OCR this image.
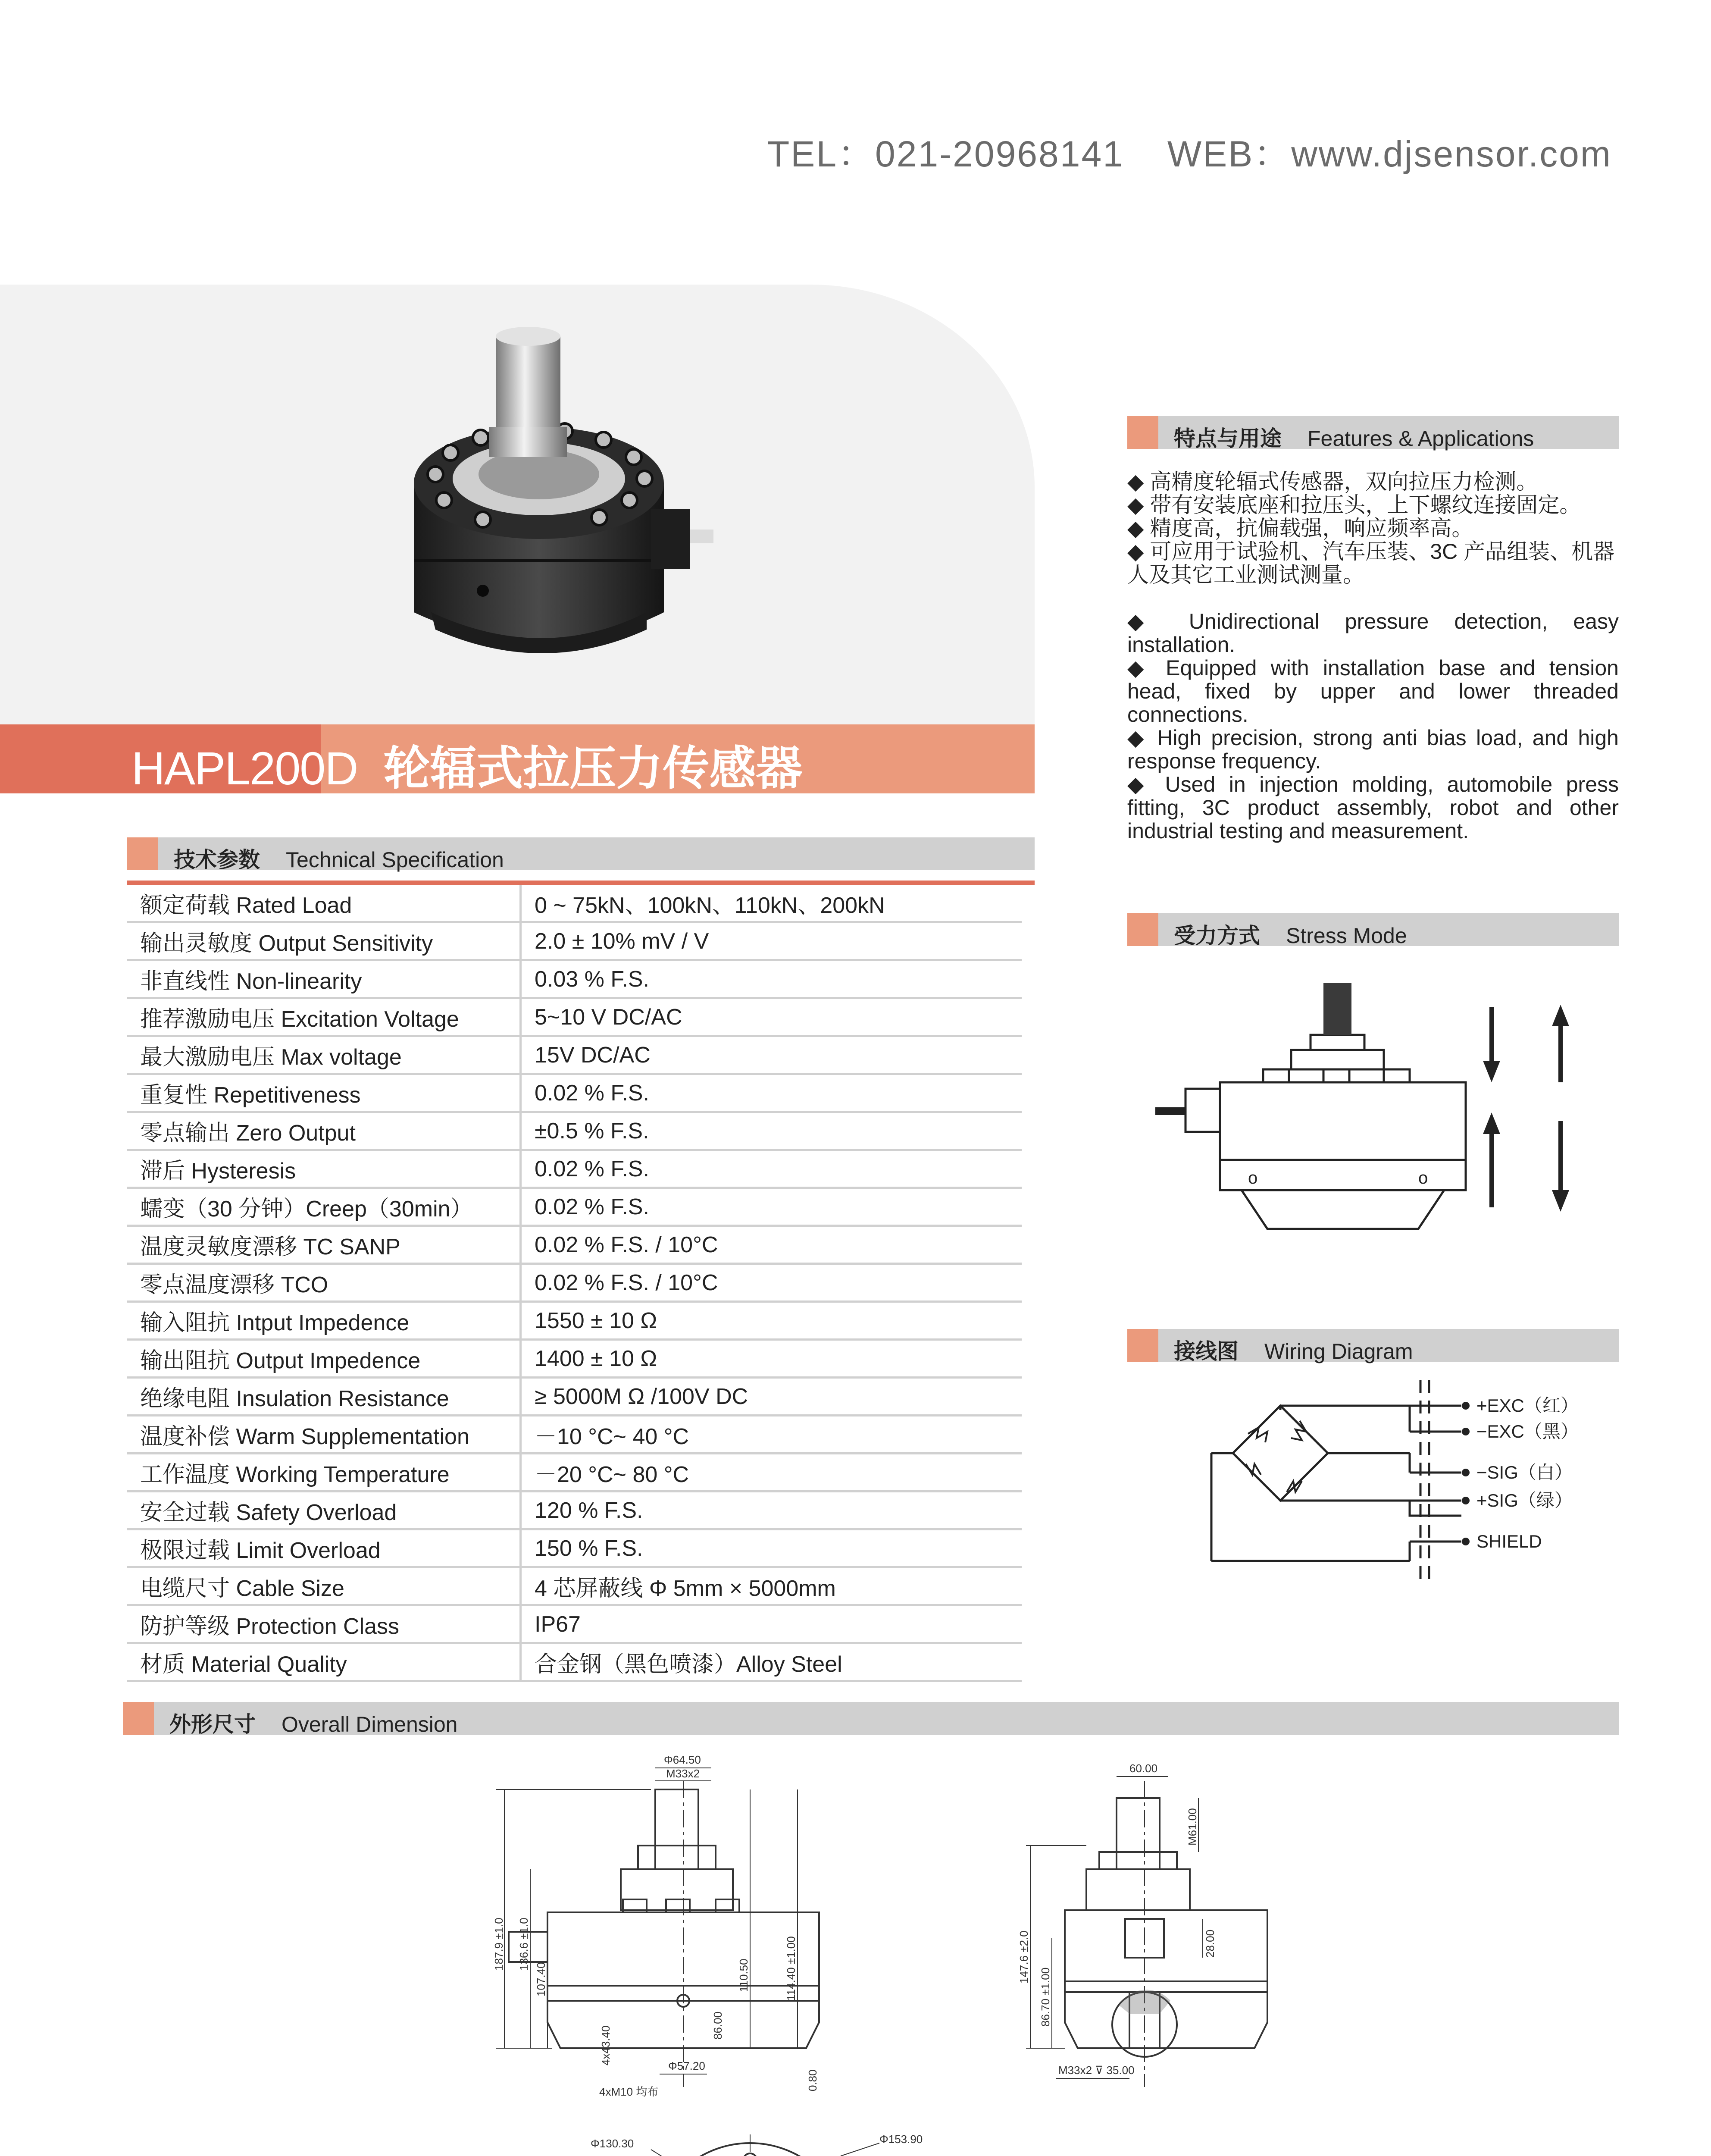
TEL：021-20968141 WEB：www.djsensor.com
HAPL200D 轮辐式拉压力传感器
特点与用途 Features & Applications

◆ 高精度轮辐式传感器，双向拉压力检测。

◆ 带有安装底座和拉压头，上下螺纹连接固定。

◆ 精度高，抗偏载强，响应频率高。

◆ 可应用于试验机、汽车压装、3C 产品组装、机器人及其它工业测试测量。

◆ Unidirectional pressure detection, easy installation.

◆ Equipped with installation base and tension head, fixed by upper and lower threaded connections.

◆ High precision, strong anti bias load, and high response frequency.

◆ Used in injection molding, automobile press fitting, 3C product assembly, robot and other industrial testing and measurement.

技术参数 Technical Specification
额定荷载 Rated Load	0 ~ 75kN、100kN、110kN、200kN
输出灵敏度 Output Sensitivity	2.0 ± 10% mV / V
非直线性 Non-linearity	0.03 % F.S.
推荐激励电压 Excitation Voltage	5~10 V DC/AC
最大激励电压 Max voltage	15V DC/AC
重复性 Repetitiveness	0.02 % F.S.
零点输出 Zero Output	±0.5 % F.S.
滞后 Hysteresis	0.02 % F.S.
蠕变（30 分钟）Creep（30min）	0.02 % F.S.
温度灵敏度漂移 TC SANP	0.02 % F.S. / 10°C
零点温度漂移 TCO	0.02 % F.S. / 10°C
输入阻抗 Intput Impedence	1550 ± 10 Ω
输出阻抗 Output Impedence	1400 ± 10 Ω
绝缘电阻 Insulation Resistance	≥ 5000M Ω /100V DC
温度补偿 Warm Supplementation	－10 °C~ 40 °C
工作温度 Working Temperature	－20 °C~ 80 °C
安全过载 Safety Overload	120 % F.S.
极限过载 Limit Overload	150 % F.S.
电缆尺寸 Cable Size	4 芯屏蔽线 Φ 5mm × 5000mm
防护等级 Protection Class	IP67
材质 Material Quality	合金钢（黑色喷漆）Alloy Steel
受力方式 Stress Mode
o	o
接线图 Wiring Diagram
+EXC（红）
−EXC（黑）
−SIG（白）
+SIG（绿）
SHIELD
外形尺寸 Overall Dimension
Φ64.50
M33x2
187.9 ±1.0 136.6 ±1.0
107.40	110.50	114.40 ±1.00
86.00
0.80
4x43.40
Φ57.20
4xM10 均布
60.00
Μ61.00
147.6 ±2.0
86.70 ±1.00
28.00
M33x2 ⊽ 35.00
Φ130.30	Φ153.90
